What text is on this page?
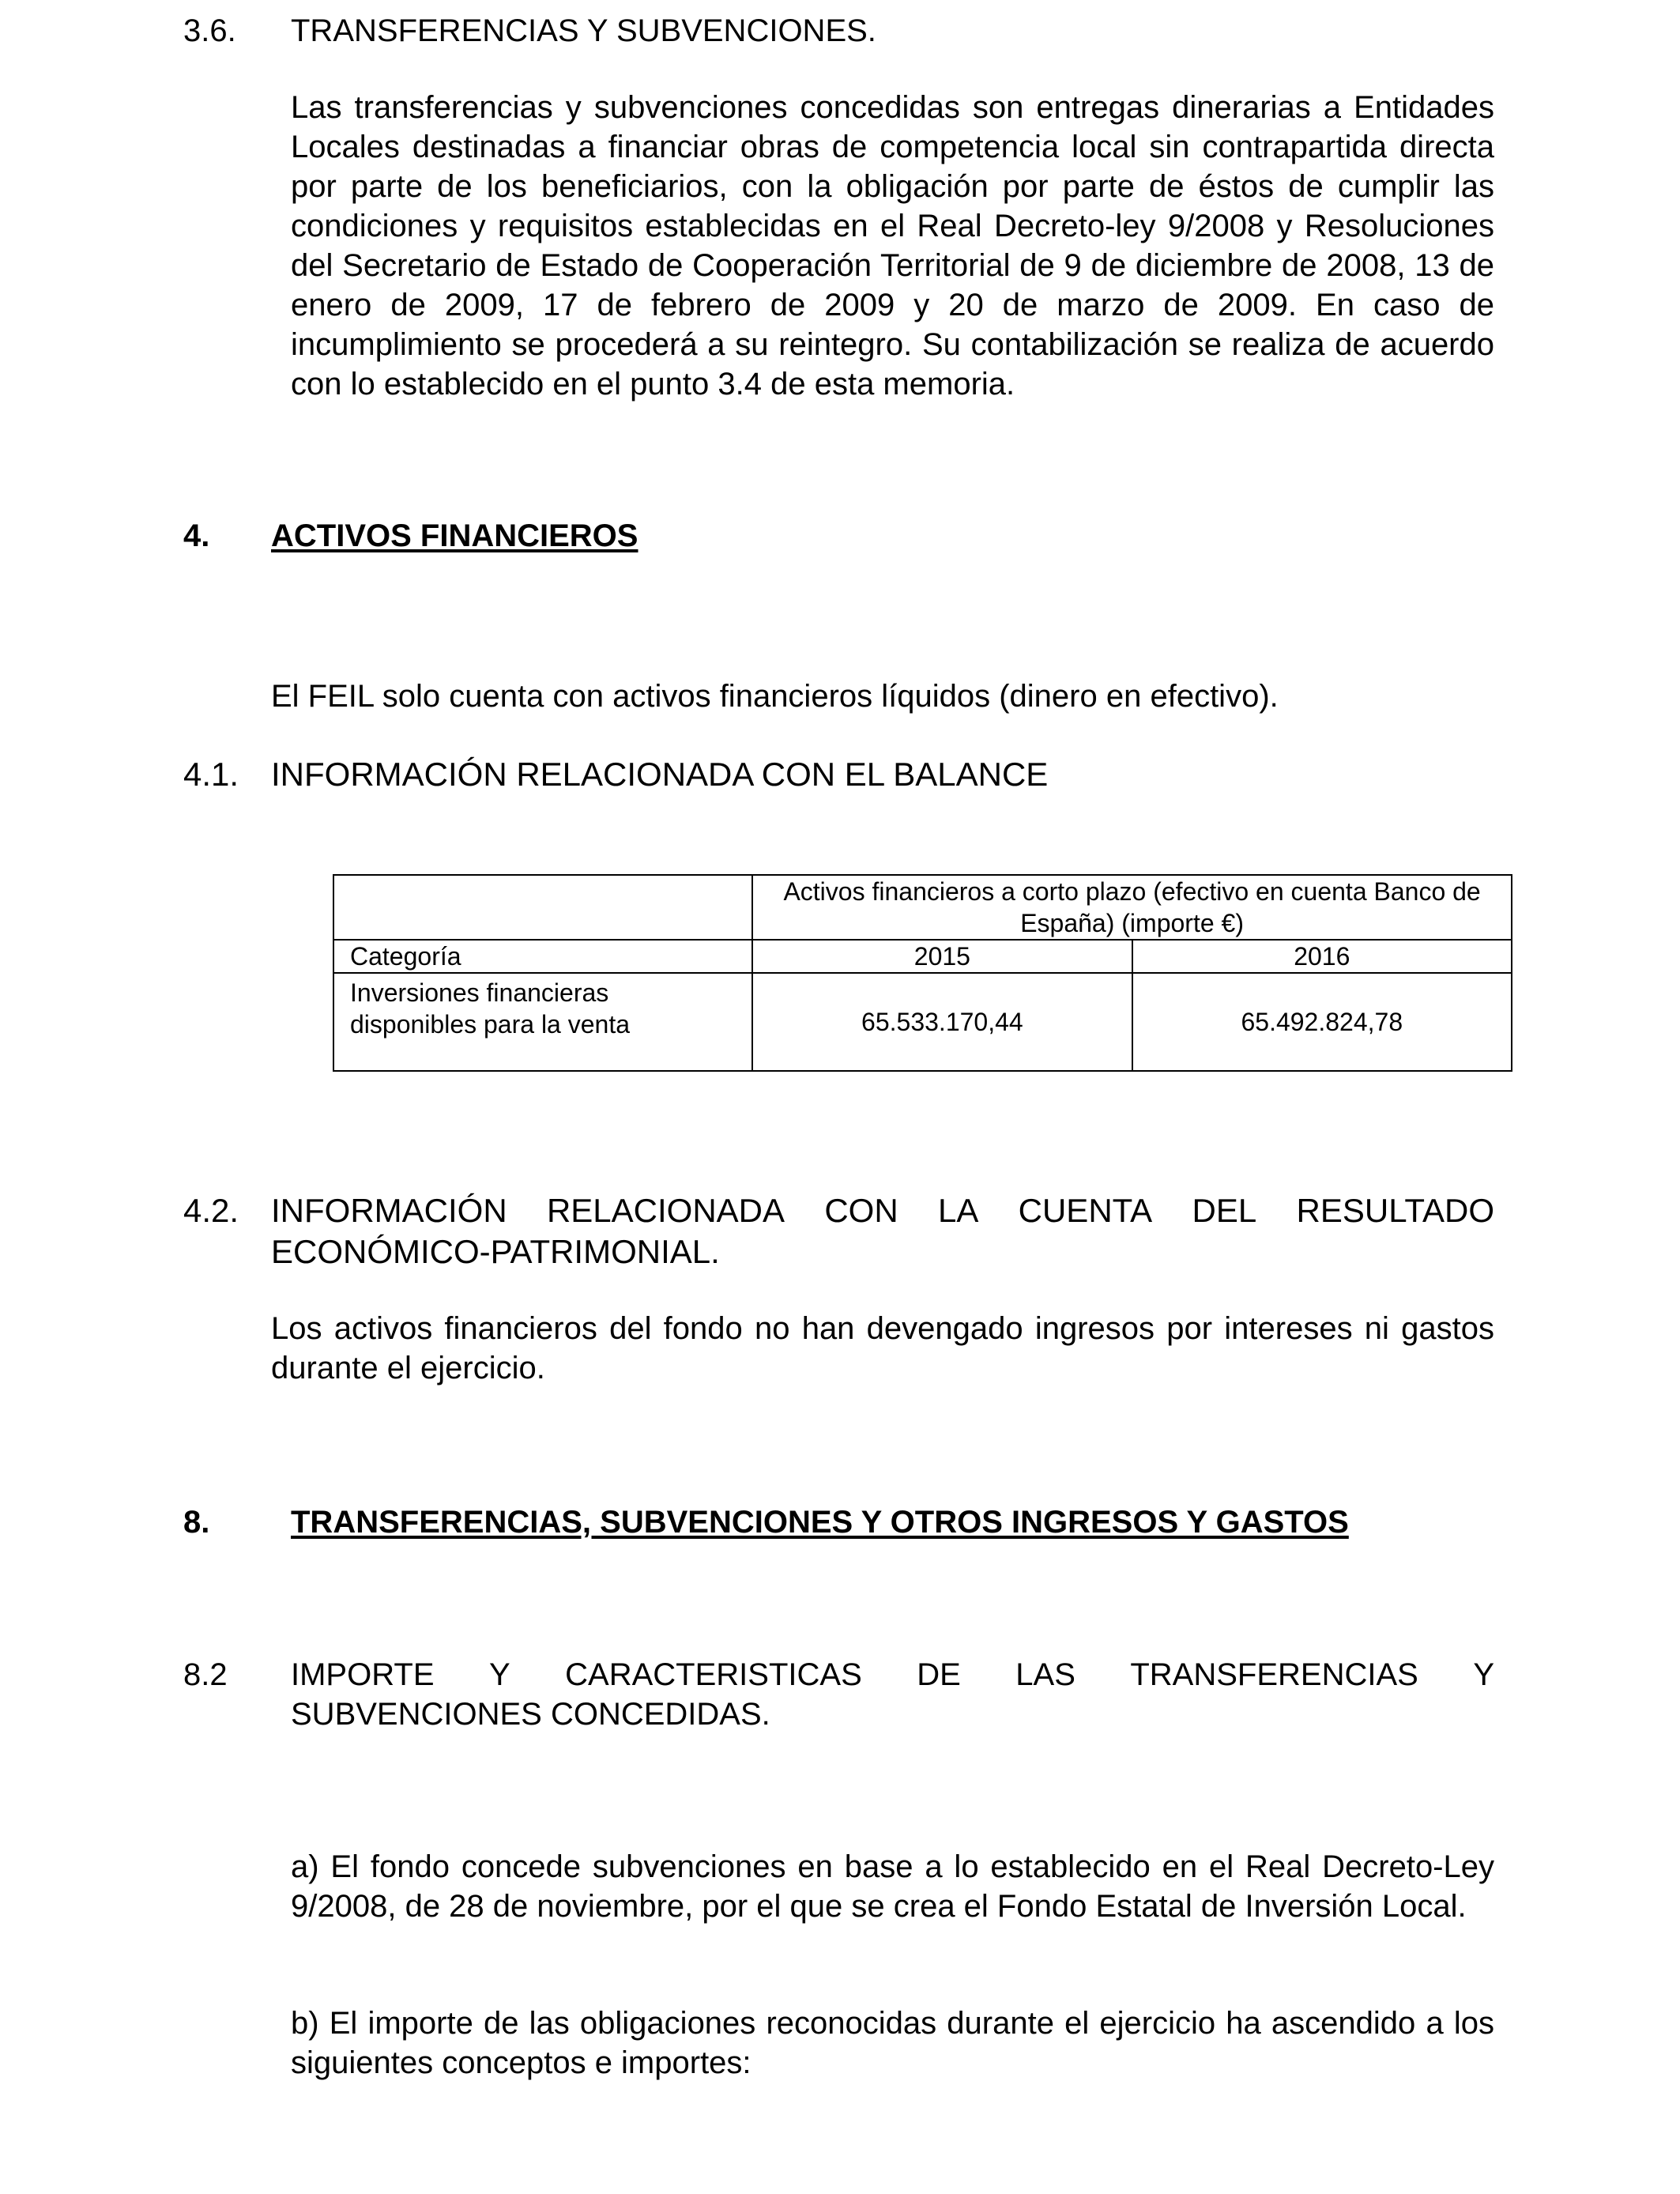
3.6. TRANSFERENCIAS Y SUBVENCIONES.

Las transferencias y subvenciones concedidas son entregas dinerarias a Entidades Locales destinadas a financiar obras de competencia local sin contrapartida directa por parte de los beneficiarios, con la obligación por parte de éstos de cumplir las condiciones y requisitos establecidas en el Real Decreto-ley 9/2008 y Resoluciones del Secretario de Estado de Cooperación Territorial de 9 de diciembre de 2008, 13 de enero de 2009, 17 de febrero de 2009 y 20 de marzo de 2009. En caso de incumplimiento se procederá a su reintegro. Su contabilización se realiza de acuerdo con lo establecido en el punto 3.4 de esta memoria.

4. ACTIVOS FINANCIEROS
El FEIL solo cuenta con activos financieros líquidos (dinero en efectivo).
4.1. INFORMACIÓN RELACIONADA CON EL BALANCE
	Activos financieros a corto plazo (efectivo en cuenta Banco de España) (importe €)	
Categoría	2015	2016
Inversiones financieras disponibles para la venta	65.533.170,44	65.492.824,78
4.2. INFORMACIÓN RELACIONADA CON LA CUENTA DEL RESULTADO
ECONÓMICO-PATRIMONIAL.

Los activos financieros del fondo no han devengado ingresos por intereses ni gastos durante el ejercicio.

8.	TRANSFERENCIAS, SUBVENCIONES Y OTROS INGRESOS Y GASTOS
8.2 IMPORTE Y CARACTERISTICAS DE LAS TRANSFERENCIAS Y
SUBVENCIONES CONCEDIDAS.

a) El fondo concede subvenciones en base a lo establecido en el Real Decreto-Ley 9/2008, de 28 de noviembre, por el que se crea el Fondo Estatal de Inversión Local.

b) El importe de las obligaciones reconocidas durante el ejercicio ha ascendido a los siguientes conceptos e importes:
